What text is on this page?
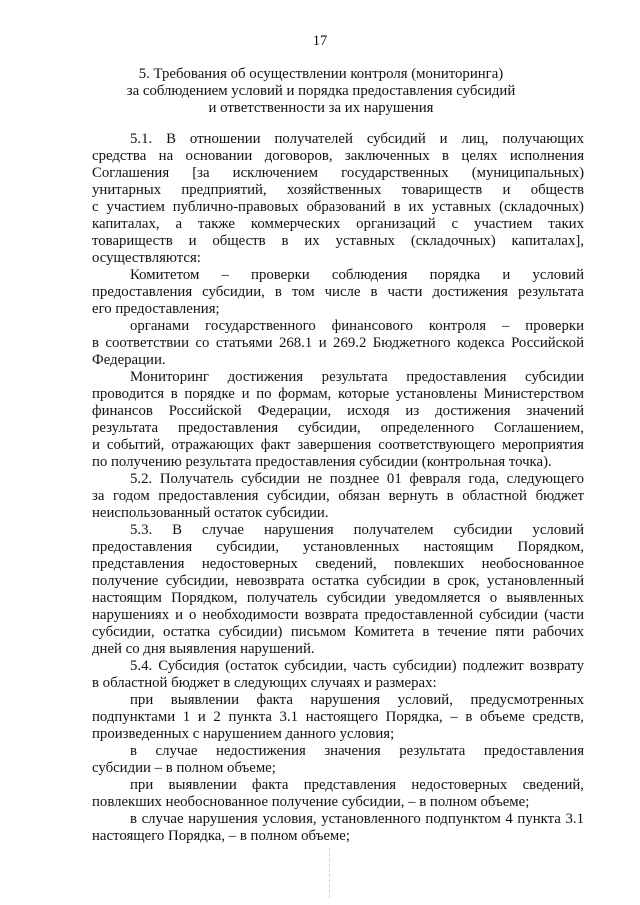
17
5. Требования об осуществлении контроля (мониторинга)
за соблюдением условий и порядка предоставления субсидий
и ответственности за их нарушения
5.1. В отношении получателей субсидий и лиц, получающих
средства на основании договоров, заключенных в целях исполнения
Соглашения [за исключением государственных (муниципальных)
унитарных предприятий, хозяйственных товариществ и обществ
с участием публично-правовых образований в их уставных (складочных)
капиталах, а также коммерческих организаций с участием таких
товариществ и обществ в их уставных (складочных) капиталах],
осуществляются:
Комитетом – проверки соблюдения порядка и условий
предоставления субсидии, в том числе в части достижения результата
его предоставления;
органами государственного финансового контроля – проверки
в соответствии со статьями 268.1 и 269.2 Бюджетного кодекса Российской
Федерации.
Мониторинг достижения результата предоставления субсидии
проводится в порядке и по формам, которые установлены Министерством
финансов Российской Федерации, исходя из достижения значений
результата предоставления субсидии, определенного Соглашением,
и событий, отражающих факт завершения соответствующего мероприятия
по получению результата предоставления субсидии (контрольная точка).
5.2. Получатель субсидии не позднее 01 февраля года, следующего
за годом предоставления субсидии, обязан вернуть в областной бюджет
неиспользованный остаток субсидии.
5.3. В случае нарушения получателем субсидии условий
предоставления субсидии, установленных настоящим Порядком,
представления недостоверных сведений, повлекших необоснованное
получение субсидии, невозврата остатка субсидии в срок, установленный
настоящим Порядком, получатель субсидии уведомляется о выявленных
нарушениях и о необходимости возврата предоставленной субсидии (части
субсидии, остатка субсидии) письмом Комитета в течение пяти рабочих
дней со дня выявления нарушений.
5.4. Субсидия (остаток субсидии, часть субсидии) подлежит возврату
в областной бюджет в следующих случаях и размерах:
при выявлении факта нарушения условий, предусмотренных
подпунктами 1 и 2 пункта 3.1 настоящего Порядка, – в объеме средств,
произведенных с нарушением данного условия;
в случае недостижения значения результата предоставления
субсидии – в полном объеме;
при выявлении факта представления недостоверных сведений,
повлекших необоснованное получение субсидии, – в полном объеме;
в случае нарушения условия, установленного подпунктом 4 пункта 3.1
настоящего Порядка, – в полном объеме;
